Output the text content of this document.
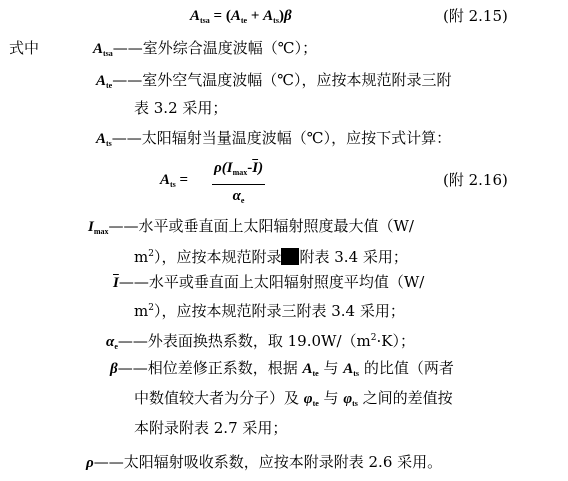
$A_{tsa} = (A_{te} + A_{ts})\beta$	(附 2.15)
式中	$A_{tsa}——$室外综合温度波幅（℃）；
$A_{te}——$室外空气温度波幅（℃），应按本规范附录三附
表 3.2 采用；
$A_{ts}——$太阳辐射当量温度波幅（℃），应按下式计算：
$A_{ts}$ =
$\rho(I_{max}-\overline{I})$
$\alpha_e$
(附 2.16)
$I_{max}——$水平或垂直面上太阳辐射照度最大值（W/
$m^2$），应按本规范附录 附表 3.4 采用；
$\overline{I}——$水平或垂直面上太阳辐射照度平均值（W/
$m^2$），应按本规范附录三附表 3.4 采用；
$\alpha_e——$外表面换热系数，取 $19.0W/(m^2\cdot K)$；
β——相位差修正系数，根据 $A_{te}$ 与 $A_{ts}$ 的比值（两者
中数值较大者为分子）及 $\varphi_{te}$ 与 $\varphi_{ts}$ 之间的差值按
本附录附表 2.7 采用；
ρ——太阳辐射吸收系数，应按本附录附表 2.6 采用。
